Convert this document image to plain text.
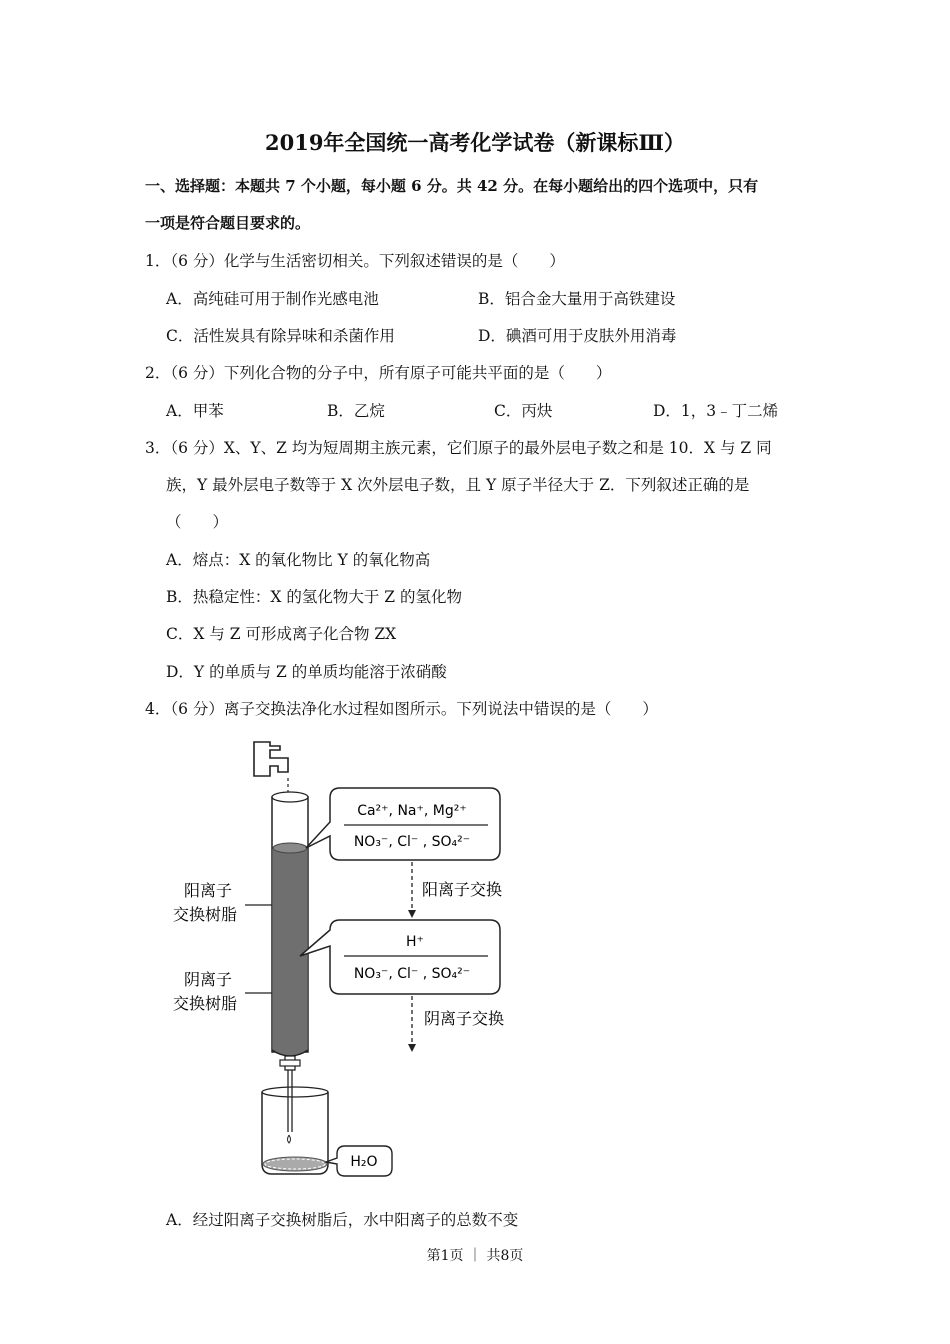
2019年全国统一高考化学试卷（新课标Ⅲ）
一、选择题：本题共 7 个小题，每小题 6 分。共 42 分。在每小题给出的四个选项中，只有
一项是符合题目要求的。
1．（6 分）化学与生活密切相关。下列叙述错误的是（　　）
A．高纯硅可用于制作光感电池	B．铝合金大量用于高铁建设
C．活性炭具有除异味和杀菌作用	D．碘酒可用于皮肤外用消毒
2．（6 分）下列化合物的分子中，所有原子可能共平面的是（　　）
A．甲苯	B．乙烷	C．丙炔	D．1，3﹣丁二烯
3．（6 分）X、Y、Z 均为短周期主族元素，它们原子的最外层电子数之和是 10．X 与 Z 同
族，Y 最外层电子数等于 X 次外层电子数，且 Y 原子半径大于 Z．下列叙述正确的是
（　　）
A．熔点：X 的氧化物比 Y 的氧化物高
B．热稳定性：X 的氢化物大于 Z 的氢化物
C．X 与 Z 可形成离子化合物 ZX
D．Y 的单质与 Z 的单质均能溶于浓硝酸
4．（6 分）离子交换法净化水过程如图所示。下列说法中错误的是（　　）
阳离子
交换树脂
阴离子
交换树脂
Ca²⁺, Na⁺, Mg²⁺
NO₃⁻, Cl⁻ , SO₄²⁻
阳离子交换
H⁺
NO₃⁻, Cl⁻ , SO₄²⁻
阴离子交换
H₂O
A．经过阳离子交换树脂后，水中阳离子的总数不变
第1页 ｜ 共8页
